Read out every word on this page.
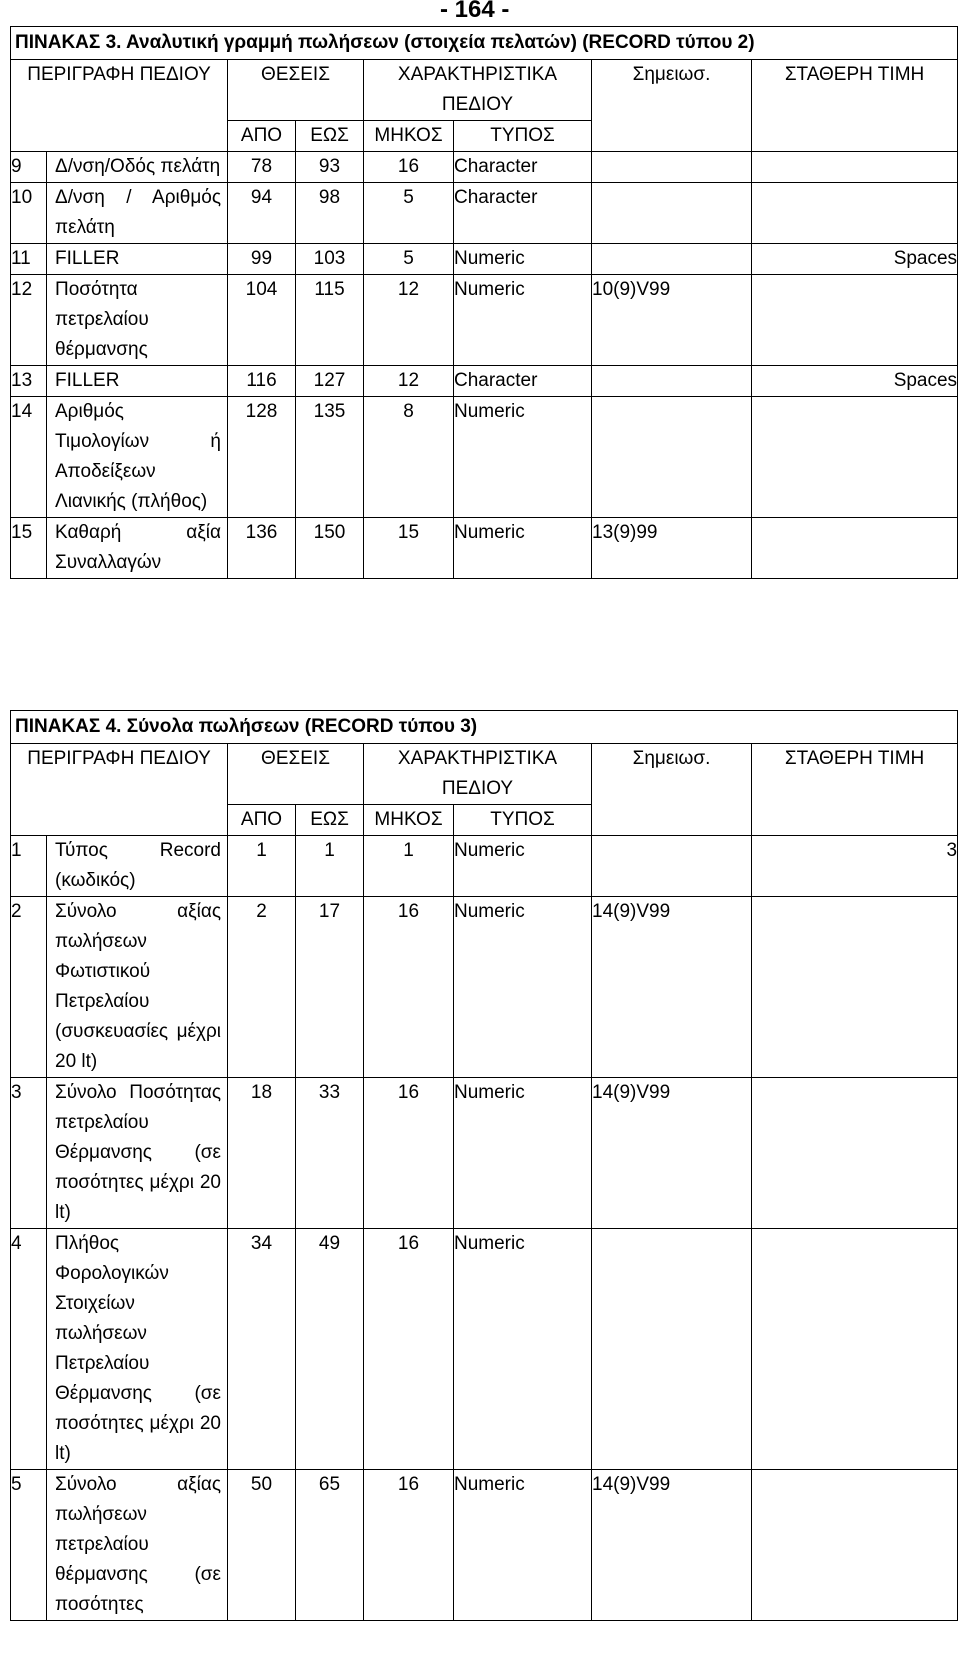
- 164 -
ΠΙΝΑΚΑΣ 3. Αναλυτική γραμμή πωλήσεων (στοιχεία πελατών) (RECORD τύπου 2)							
ΠΕΡΙΓΡΑΦΗ ΠΕΔΙΟΥ		ΘΕΣΕΙΣ		ΧΑΡΑΚΤΗΡΙΣΤΙΚΑ ΠΕΔΙΟΥ		Σημειωσ.	ΣΤΑΘΕΡΗ ΤΙΜΗ
		ΑΠΟ	ΕΩΣ	ΜΗΚΟΣ	ΤΥΠΟΣ		
9	Δ/νση/Οδός πελάτη	78	93	16	Character		
10	Δ/νση / Αριθμός πελάτη	94	98	5	Character		
11	FILLER	99	103	5	Numeric		Spaces
12	Ποσότητα πετρελαίου θέρμανσης	104	115	12	Numeric	10(9)V99	
13	FILLER	116	127	12	Character		Spaces
14	Αριθμός Τιμολογίων ή Αποδείξεων Λιανικής (πλήθος)	128	135	8	Numeric		
15	Καθαρή αξία Συναλλαγών	136	150	15	Numeric	13(9)99	
ΠΙΝΑΚΑΣ 4. Σύνολα πωλήσεων (RECORD τύπου 3)							
ΠΕΡΙΓΡΑΦΗ ΠΕΔΙΟΥ		ΘΕΣΕΙΣ		ΧΑΡΑΚΤΗΡΙΣΤΙΚΑ ΠΕΔΙΟΥ		Σημειωσ.	ΣΤΑΘΕΡΗ ΤΙΜΗ
		ΑΠΟ	ΕΩΣ	ΜΗΚΟΣ	ΤΥΠΟΣ		
1	Τύπος Record (κωδικός)	1	1	1	Numeric		3
2	Σύνολο αξίας πωλήσεων Φωτιστικού Πετρελαίου (συσκευασίες μέχρι 20 lt)	2	17	16	Numeric	14(9)V99	
3	Σύνολο Ποσότητας πετρελαίου Θέρμανσης (σε ποσότητες μέχρι 20 lt)	18	33	16	Numeric	14(9)V99	
4	Πλήθος Φορολογικών Στοιχείων πωλήσεων Πετρελαίου Θέρμανσης (σε ποσότητες μέχρι 20 lt)	34	49	16	Numeric		
5	Σύνολο αξίας πωλήσεων πετρελαίου θέρμανσης (σε ποσότητες	50	65	16	Numeric	14(9)V99	
